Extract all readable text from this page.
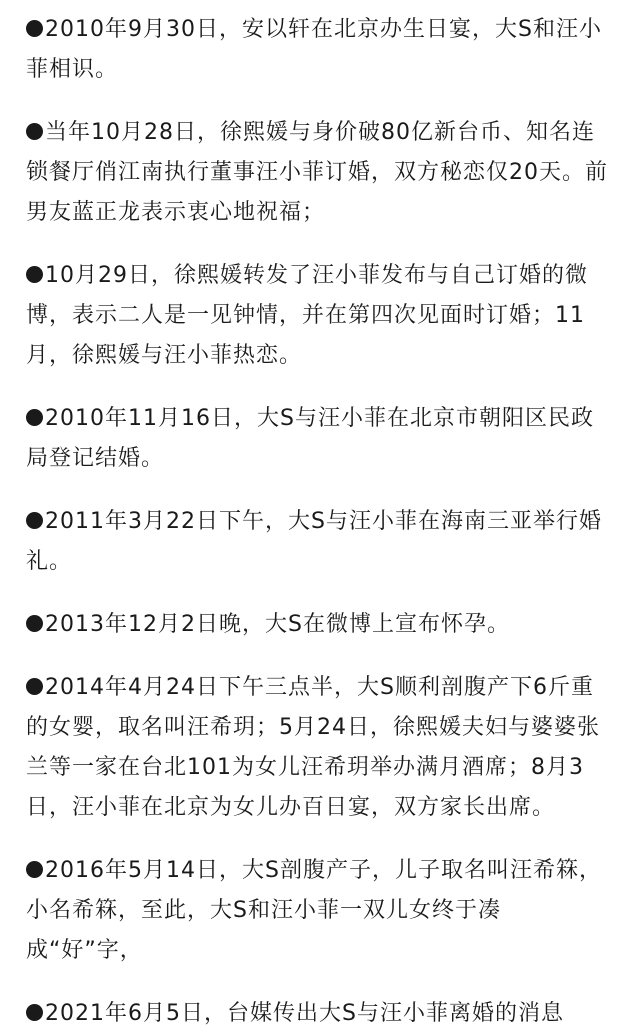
2010年9月30日，安以轩在北京办生日宴，大S和汪小菲相识。

当年10月28日，徐熙媛与身价破80亿新台币、知名连锁餐厅俏江南执行董事汪小菲订婚，双方秘恋仅20天。前男友蓝正龙表示衷心地祝福；

10月29日，徐熙媛转发了汪小菲发布与自己订婚的微博，表示二人是一见钟情，并在第四次见面时订婚；11月，徐熙媛与汪小菲热恋。

2010年11月16日，大S与汪小菲在北京市朝阳区民政局登记结婚。

2011年3月22日下午，大S与汪小菲在海南三亚举行婚礼。

2013年12月2日晚，大S在微博上宣布怀孕。

2014年4月24日下午三点半，大S顺利剖腹产下6斤重的女婴，取名叫汪希玥；5月24日，徐熙媛夫妇与婆婆张兰等一家在台北101为女儿汪希玥举办满月酒席；8月3日，汪小菲在北京为女儿办百日宴，双方家长出席。

2016年5月14日，大S剖腹产子，儿子取名叫汪希箖，小名希箖，至此，大S和汪小菲一双儿女终于凑成“好”字，

2021年6月5日，台媒传出大S与汪小菲离婚的消息
